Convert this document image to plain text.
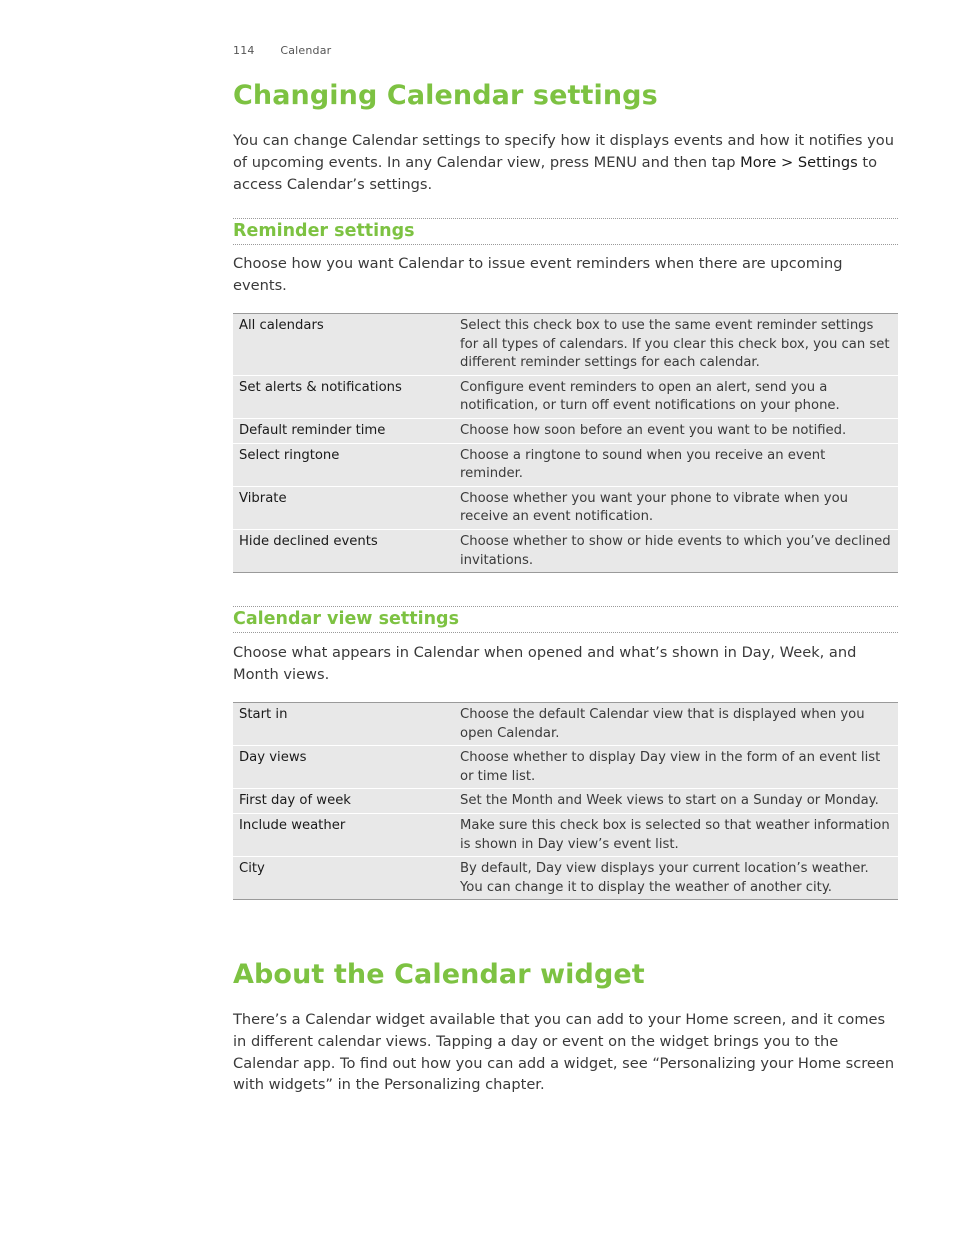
114 Calendar
Changing Calendar settings

You can change Calendar settings to specify how it displays events and how it notifies you of upcoming events. In any Calendar view, press MENU and then tap More > Settings to access Calendar’s settings.

Reminder settings

Choose how you want Calendar to issue event reminders when there are upcoming events.

All calendars	Select this check box to use the same event reminder settings for all types of calendars. If you clear this check box, you can set different reminder settings for each calendar.
Set alerts & notifications	Configure event reminders to open an alert, send you a notification, or turn off event notifications on your phone.
Default reminder time	Choose how soon before an event you want to be notified.
Select ringtone	Choose a ringtone to sound when you receive an event reminder.
Vibrate	Choose whether you want your phone to vibrate when you receive an event notification.
Hide declined events	Choose whether to show or hide events to which you’ve declined invitations.
Calendar view settings

Choose what appears in Calendar when opened and what’s shown in Day, Week, and Month views.

Start in	Choose the default Calendar view that is displayed when you open Calendar.
Day views	Choose whether to display Day view in the form of an event list or time list.
First day of week	Set the Month and Week views to start on a Sunday or Monday.
Include weather	Make sure this check box is selected so that weather information is shown in Day view’s event list.
City	By default, Day view displays your current location’s weather. You can change it to display the weather of another city.
About the Calendar widget

There’s a Calendar widget available that you can add to your Home screen, and it comes in different calendar views. Tapping a day or event on the widget brings you to the Calendar app. To find out how you can add a widget, see “Personalizing your Home screen with widgets” in the Personalizing chapter.
